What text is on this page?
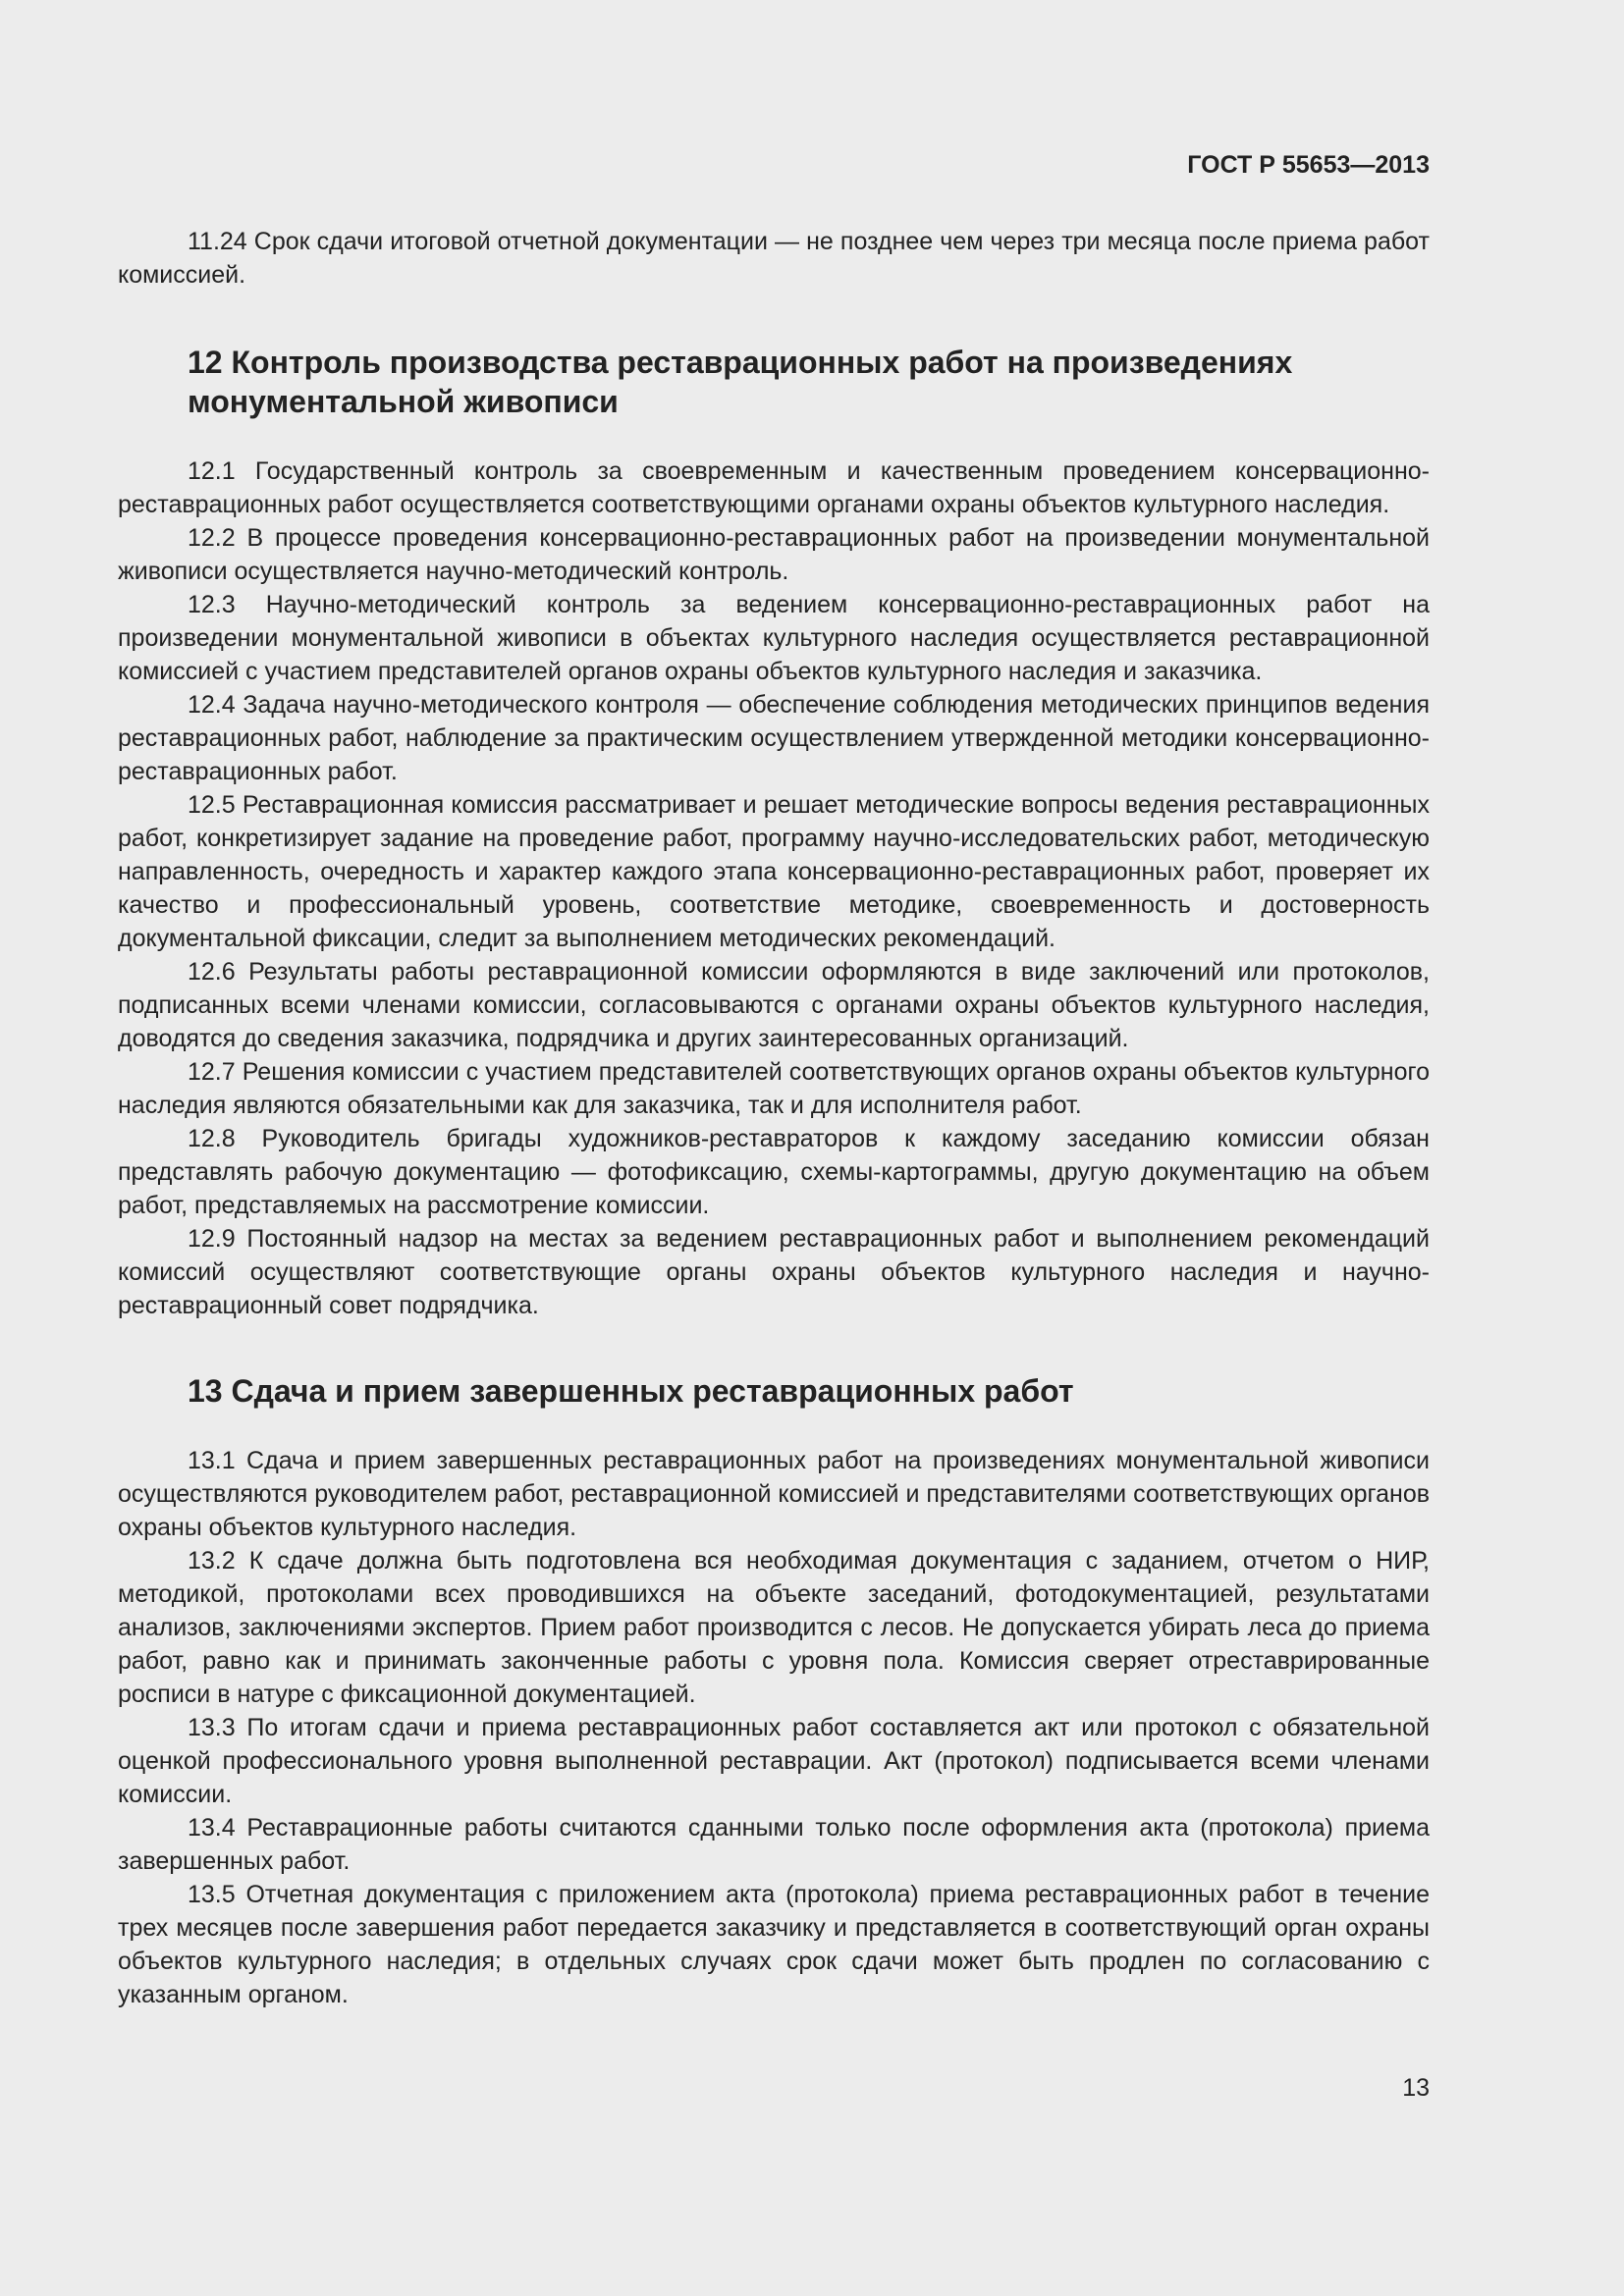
ГОСТ Р 55653—2013

11.24 Срок сдачи итоговой отчетной документации — не позднее чем через три месяца после приема работ комиссией.

12 Контроль производства реставрационных работ на произведениях монументальной живописи

12.1 Государственный контроль за своевременным и качественным проведением консервационно-реставрационных работ осуществляется соответствующими органами охраны объектов культурного наследия.

12.2 В процессе проведения консервационно-реставрационных работ на произведении монументальной живописи осуществляется научно-методический контроль.

12.3 Научно-методический контроль за ведением консервационно-реставрационных работ на произведении монументальной живописи в объектах культурного наследия осуществляется реставрационной комиссией с участием представителей органов охраны объектов культурного наследия и заказчика.

12.4 Задача научно-методического контроля — обеспечение соблюдения методических принципов ведения реставрационных работ, наблюдение за практическим осуществлением утвержденной методики консервационно-реставрационных работ.

12.5 Реставрационная комиссия рассматривает и решает методические вопросы ведения реставрационных работ, конкретизирует задание на проведение работ, программу научно-исследовательских работ, методическую направленность, очередность и характер каждого этапа консервационно-реставрационных работ, проверяет их качество и профессиональный уровень, соответствие методике, своевременность и достоверность документальной фиксации, следит за выполнением методических рекомендаций.

12.6 Результаты работы реставрационной комиссии оформляются в виде заключений или протоколов, подписанных всеми членами комиссии, согласовываются с органами охраны объектов культурного наследия, доводятся до сведения заказчика, подрядчика и других заинтересованных организаций.

12.7 Решения комиссии с участием представителей соответствующих органов охраны объектов культурного наследия являются обязательными как для заказчика, так и для исполнителя работ.

12.8 Руководитель бригады художников-реставраторов к каждому заседанию комиссии обязан представлять рабочую документацию — фотофиксацию, схемы-картограммы, другую документацию на объем работ, представляемых на рассмотрение комиссии.

12.9 Постоянный надзор на местах за ведением реставрационных работ и выполнением рекомендаций комиссий осуществляют соответствующие органы охраны объектов культурного наследия и научно-реставрационный совет подрядчика.

13 Сдача и прием завершенных реставрационных работ

13.1 Сдача и прием завершенных реставрационных работ на произведениях монументальной живописи осуществляются руководителем работ, реставрационной комиссией и представителями соответствующих органов охраны объектов культурного наследия.

13.2 К сдаче должна быть подготовлена вся необходимая документация с заданием, отчетом о НИР, методикой, протоколами всех проводившихся на объекте заседаний, фотодокументацией, результатами анализов, заключениями экспертов. Прием работ производится с лесов. Не допускается убирать леса до приема работ, равно как и принимать законченные работы с уровня пола. Комиссия сверяет отреставрированные росписи в натуре с фиксационной документацией.

13.3 По итогам сдачи и приема реставрационных работ составляется акт или протокол с обязательной оценкой профессионального уровня выполненной реставрации. Акт (протокол) подписывается всеми членами комиссии.

13.4 Реставрационные работы считаются сданными только после оформления акта (протокола) приема завершенных работ.

13.5 Отчетная документация с приложением акта (протокола) приема реставрационных работ в течение трех месяцев после завершения работ передается заказчику и представляется в соответствующий орган охраны объектов культурного наследия; в отдельных случаях срок сдачи может быть продлен по согласованию с указанным органом.

13
